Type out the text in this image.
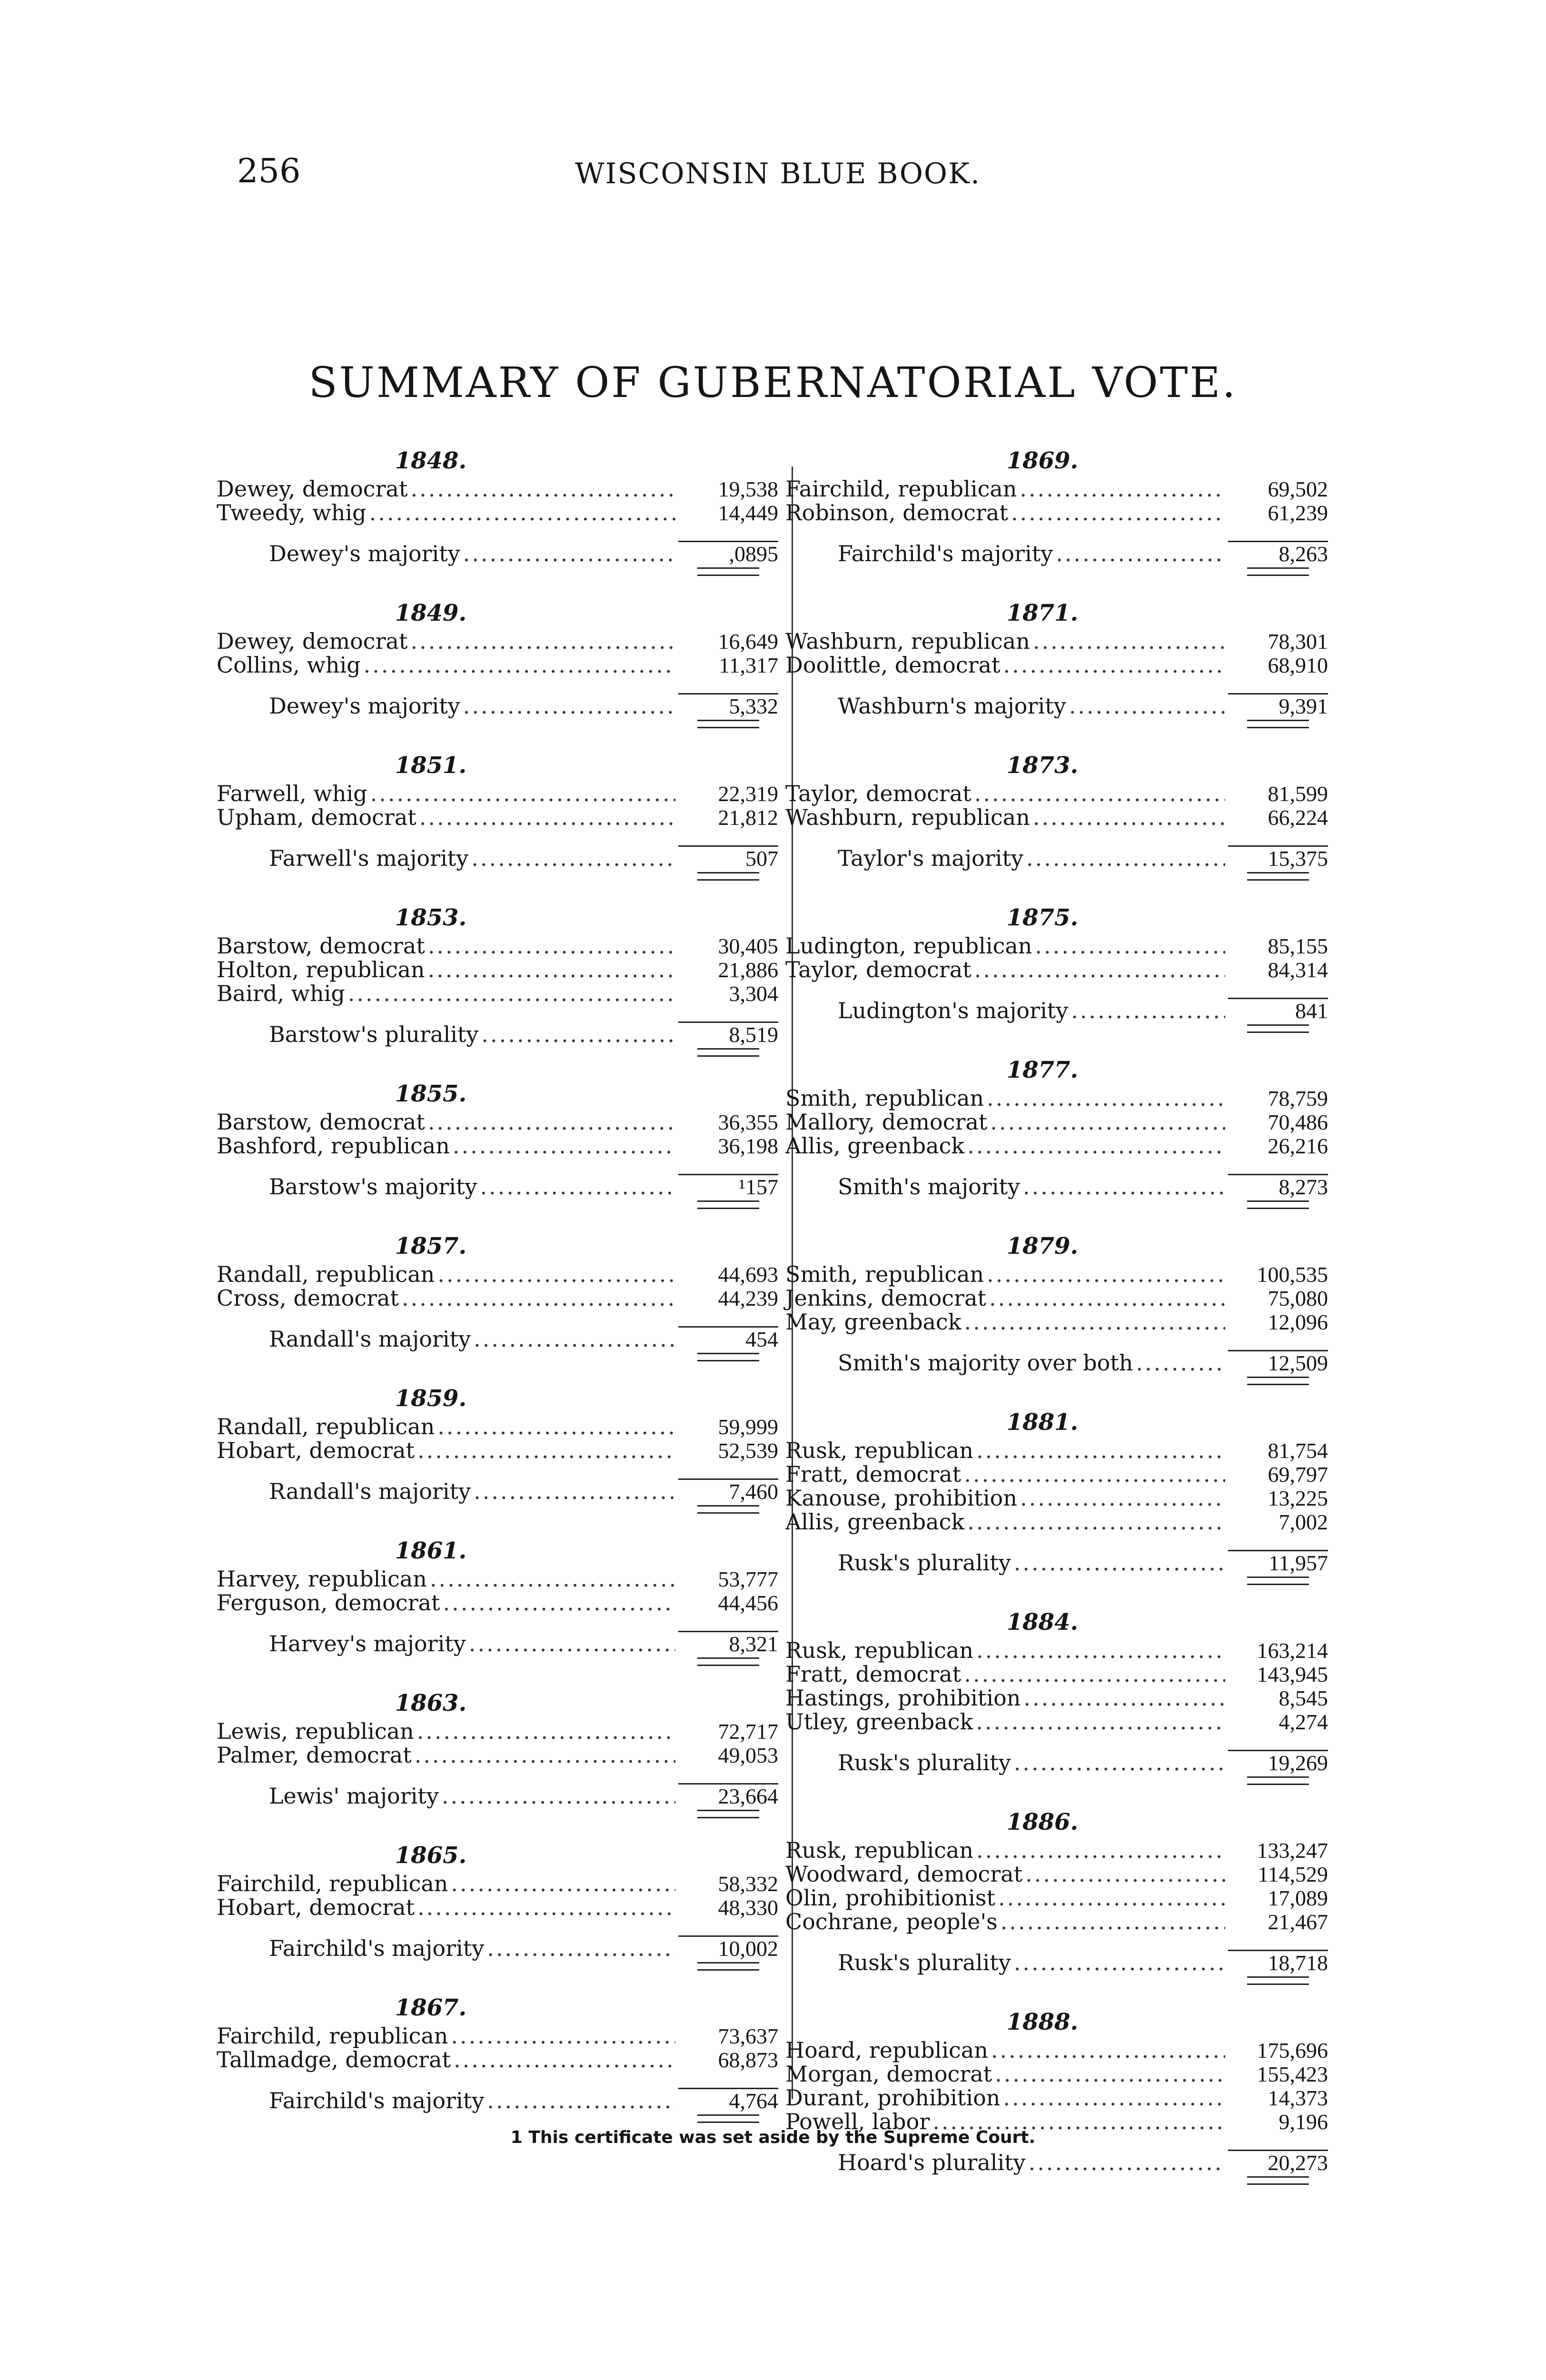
256	WISCONSIN BLUE BOOK.
SUMMARY OF GUBERNATORIAL VOTE.
1848.
Dewey, democrat .....	19,538
Tweedy, whig .....	14,449
Dewey's majority .....	,0895
1849.
Dewey, democrat .....	16,649
Collins, whig .....	11,317
Dewey's majority .....	5,332
1851.
Farwell, whig .....	22,319
Upham, democrat .....	21,812
Farwell's majority .....	507
1853.
Barstow, democrat .....	30,405
Holton, republican .....	21,886
Baird, whig .....	3,304
Barstow's plurality .....	8,519
1855.
Barstow, democrat .....	36,355
Bashford, republican .....	36,198
Barstow's majority .....	¹157
1857.
Randall, republican .....	44,693
Cross, democrat .....	44,239
Randall's majority .....	454
1859.
Randall, republican .....	59,999
Hobart, democrat .....	52,539
Randall's majority .....	7,460
1861.
Harvey, republican .....	53,777
Ferguson, democrat .....	44,456
Harvey's majority .....	8,321
1863.
Lewis, republican .....	72,717
Palmer, democrat .....	49,053
Lewis' majority .....	23,664
1865.
Fairchild, republican .....	58,332
Hobart, democrat .....	48,330
Fairchild's majority .....	10,002
1867.
Fairchild, republican .....	73,637
Tallmadge, democrat .....	68,873
Fairchild's majority .....	4,764
1869.
Fairchild, republican .....	69,502
Robinson, democrat .....	61,239
Fairchild's majority .....	8,263
1871.
Washburn, republican .....	78,301
Doolittle, democrat .....	68,910
Washburn's majority .....	9,391
1873.
Taylor, democrat .....	81,599
Washburn, republican .....	66,224
Taylor's majority .....	15,375
1875.
Ludington, republican .....	85,155
Taylor, democrat .....	84,314
Ludington's majority .....	841
1877.
Smith, republican .....	78,759
Mallory, democrat .....	70,486
Allis, greenback .....	26,216
Smith's majority .....	8,273
1879.
Smith, republican .....	100,535
Jenkins, democrat .....	75,080
May, greenback .....	12,096
Smith's majority over both .....	12,509
1881.
Rusk, republican .....	81,754
Fratt, democrat .....	69,797
Kanouse, prohibition .....	13,225
Allis, greenback .....	7,002
Rusk's plurality .....	11,957
1884.
Rusk, republican .....	163,214
Fratt, democrat .....	143,945
Hastings, prohibition .....	8,545
Utley, greenback .....	4,274
Rusk's plurality .....	19,269
1886.
Rusk, republican .....	133,247
Woodward, democrat .....	114,529
Olin, prohibitionist .....	17,089
Cochrane, people's .....	21,467
Rusk's plurality .....	18,718
1888.
Hoard, republican .....	175,696
Morgan, democrat .....	155,423
Durant, prohibition .....	14,373
Powell, labor .....	9,196
Hoard's plurality .....	20,273
1 This certificate was set aside by the Supreme Court.
